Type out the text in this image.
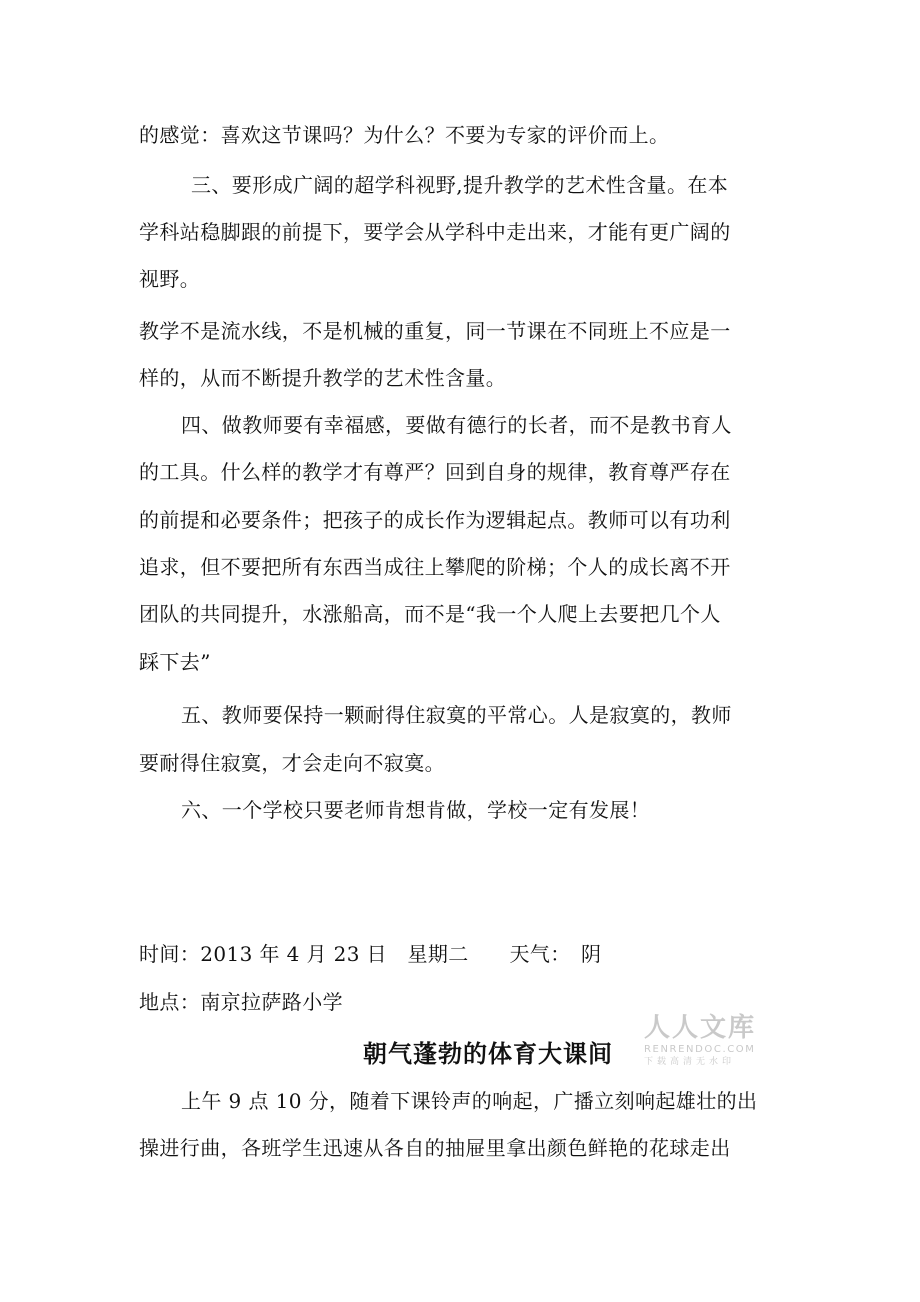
的感觉：喜欢这节课吗？为什么？不要为专家的评价而上。
三、要形成广阔的超学科视野,提升教学的艺术性含量。在本
学科站稳脚跟的前提下，要学会从学科中走出来，才能有更广阔的
视野。
教学不是流水线，不是机械的重复，同一节课在不同班上不应是一
样的，从而不断提升教学的艺术性含量。
四、做教师要有幸福感，要做有德行的长者，而不是教书育人
的工具。什么样的教学才有尊严？回到自身的规律，教育尊严存在
的前提和必要条件；把孩子的成长作为逻辑起点。教师可以有功利
追求，但不要把所有东西当成往上攀爬的阶梯；个人的成长离不开
团队的共同提升，水涨船高，而不是“我一个人爬上去要把几个人
踩下去”
五、教师要保持一颗耐得住寂寞的平常心。人是寂寞的，教师
要耐得住寂寞，才会走向不寂寞。
六、一个学校只要老师肯想肯做，学校一定有发展！
时间：2013 年 4 月 23 日　星期二　　天气：　阴
地点：南京拉萨路小学
人人文库
RENRENDOC.COM
下载高清无水印
朝气蓬勃的体育大课间
上午 9 点 10 分，随着下课铃声的响起，广播立刻响起雄壮的出
操进行曲，各班学生迅速从各自的抽屉里拿出颜色鲜艳的花球走出
